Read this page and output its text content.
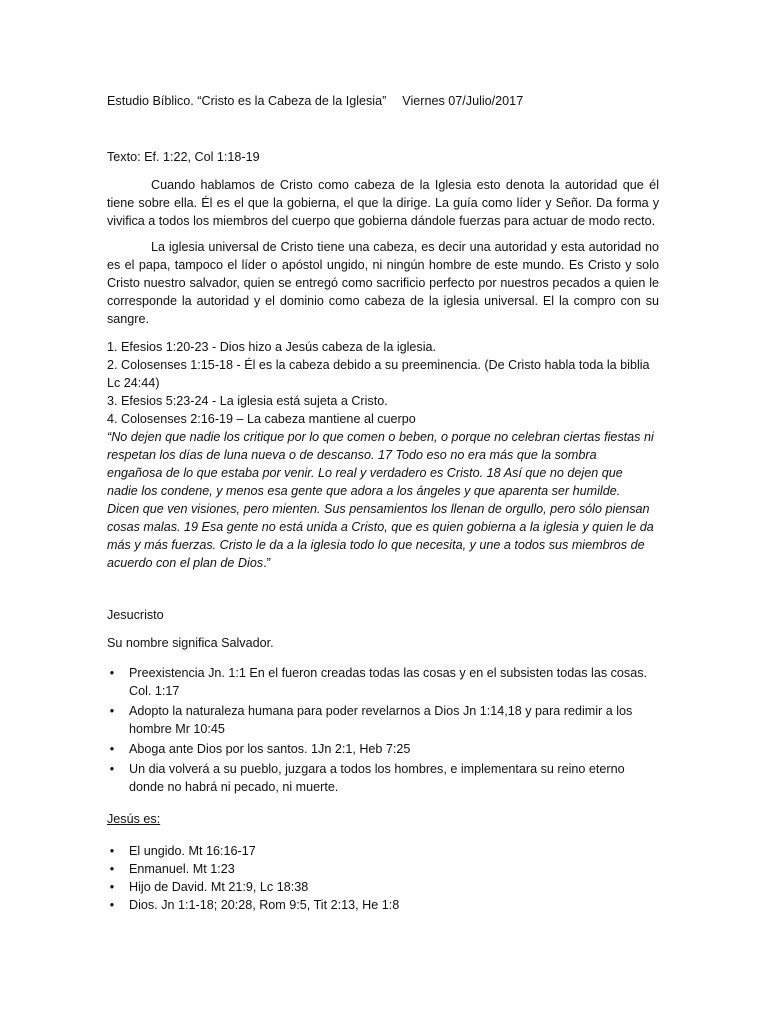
Estudio Bíblico. “Cristo es la Cabeza de la Iglesia” Viernes 07/Julio/2017

Texto: Ef. 1:22, Col 1:18-19

Cuando hablamos de Cristo como cabeza de la Iglesia esto denota la autoridad que él tiene sobre ella. Él es el que la gobierna, el que la dirige. La guía como líder y Señor. Da forma y vivifica a todos los miembros del cuerpo que gobierna dándole fuerzas para actuar de modo recto.

La iglesia universal de Cristo tiene una cabeza, es decir una autoridad y esta autoridad no es el papa, tampoco el líder o apóstol ungido, ni ningún hombre de este mundo. Es Cristo y solo Cristo nuestro salvador, quien se entregó como sacrificio perfecto por nuestros pecados a quien le corresponde la autoridad y el dominio como cabeza de la iglesia universal. El la compro con su sangre.

1. Efesios 1:20-23 - Dios hizo a Jesús cabeza de la iglesia.
2. Colosenses 1:15-18 - Él es la cabeza debido a su preeminencia. (De Cristo habla toda la biblia Lc 24:44)
3. Efesios 5:23-24 - La iglesia está sujeta a Cristo.
4. Colosenses 2:16-19 – La cabeza mantiene al cuerpo

“No dejen que nadie los critique por lo que comen o beben, o porque no celebran ciertas fiestas ni respetan los días de luna nueva o de descanso. 17 Todo eso no era más que la sombra engañosa de lo que estaba por venir. Lo real y verdadero es Cristo. 18 Así que no dejen que nadie los condene, y menos esa gente que adora a los ángeles y que aparenta ser humilde. Dicen que ven visiones, pero mienten. Sus pensamientos los llenan de orgullo, pero sólo piensan cosas malas. 19 Esa gente no está unida a Cristo, que es quien gobierna a la iglesia y quien le da más y más fuerzas. Cristo le da a la iglesia todo lo que necesita, y une a todos sus miembros de acuerdo con el plan de Dios.”

Jesucristo

Su nombre significa Salvador.

• Preexistencia Jn. 1:1 En el fueron creadas todas las cosas y en el subsisten todas las cosas. Col. 1:17
• Adopto la naturaleza humana para poder revelarnos a Dios Jn 1:14,18 y para redimir a los hombre Mr 10:45
• Aboga ante Dios por los santos. 1Jn 2:1, Heb 7:25
• Un dia volverá a su pueblo, juzgara a todos los hombres, e implementara su reino eterno donde no habrá ni pecado, ni muerte.

Jesús es:

• El ungido. Mt 16:16-17
• Enmanuel. Mt 1:23
• Hijo de David. Mt 21:9, Lc 18:38
• Dios. Jn 1:1-18; 20:28, Rom 9:5, Tit 2:13, He 1:8
